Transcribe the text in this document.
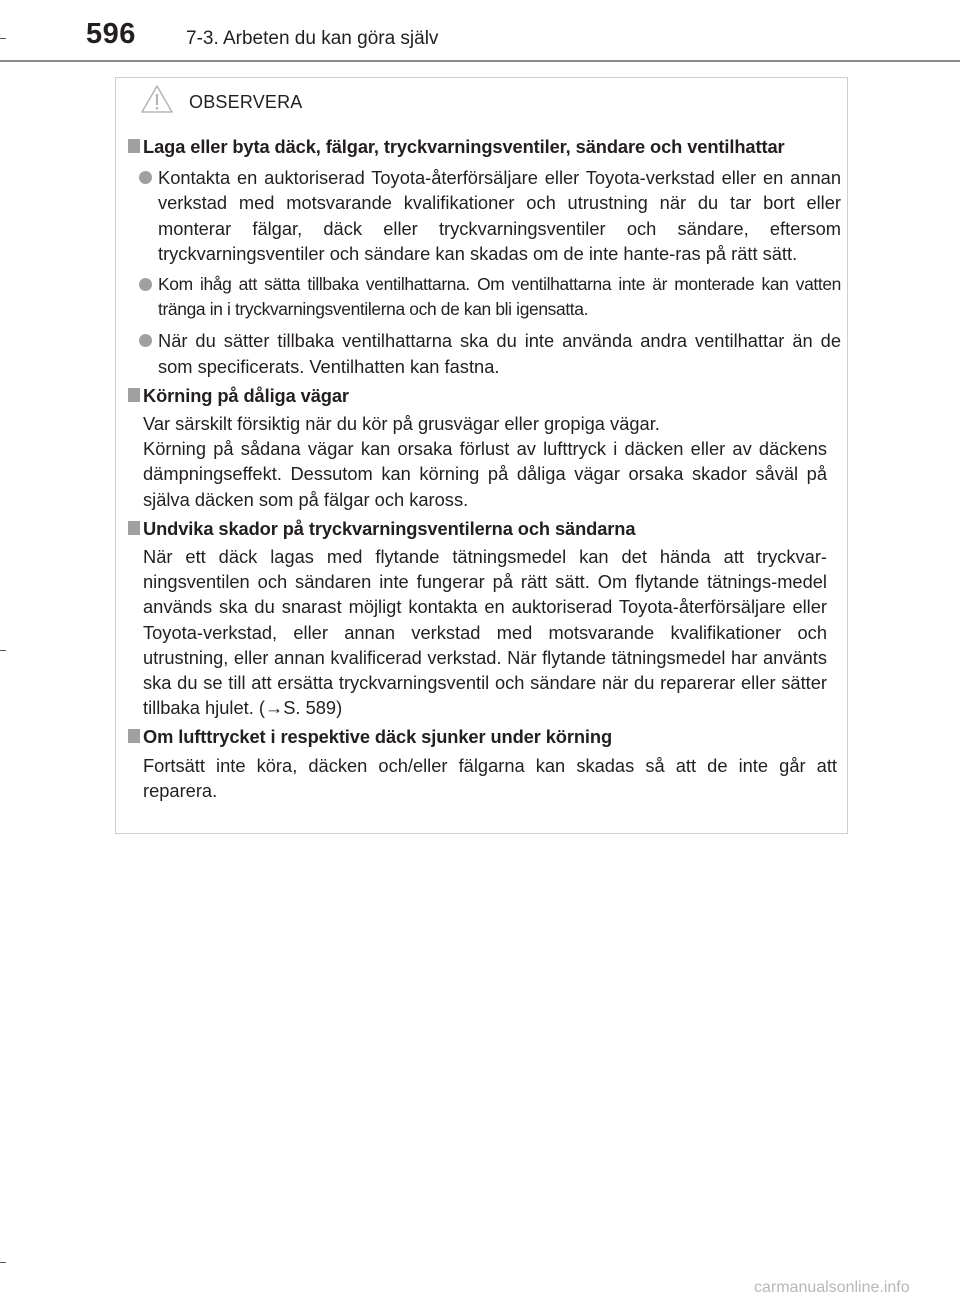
596	7-3. Arbeten du kan göra själv
OBSERVERA
Laga eller byta däck, fälgar, tryckvarningsventiler, sändare och ventilhattar
Kontakta en auktoriserad Toyota-återförsäljare eller Toyota-verkstad eller en annan verkstad med motsvarande kvalifikationer och utrustning när du tar bort eller monterar fälgar, däck eller tryckvarningsventiler och sändare, eftersom tryckvarningsventiler och sändare kan skadas om de inte hante-ras på rätt sätt.
Kom ihåg att sätta tillbaka ventilhattarna. Om ventilhattarna inte är monterade kan vatten tränga in i tryckvarningsventilerna och de kan bli igensatta.
När du sätter tillbaka ventilhattarna ska du inte använda andra ventilhattar än de som specificerats. Ventilhatten kan fastna.
Körning på dåliga vägar
Var särskilt försiktig när du kör på grusvägar eller gropiga vägar.
Körning på sådana vägar kan orsaka förlust av lufttryck i däcken eller av däckens dämpningseffekt. Dessutom kan körning på dåliga vägar orsaka skador såväl på själva däcken som på fälgar och kaross.
Undvika skador på tryckvarningsventilerna och sändarna
När ett däck lagas med flytande tätningsmedel kan det hända att tryckvar-ningsventilen och sändaren inte fungerar på rätt sätt. Om flytande tätnings-medel används ska du snarast möjligt kontakta en auktoriserad Toyota-återförsäljare eller Toyota-verkstad, eller annan verkstad med motsvarande kvalifikationer och utrustning, eller annan kvalificerad verkstad. När flytande tätningsmedel har använts ska du se till att ersätta tryckvarningsventil och sändare när du reparerar eller sätter tillbaka hjulet. (→S. 589)
Om lufttrycket i respektive däck sjunker under körning
Fortsätt inte köra, däcken och/eller fälgarna kan skadas så att de inte går att reparera.
carmanualsonline.info
